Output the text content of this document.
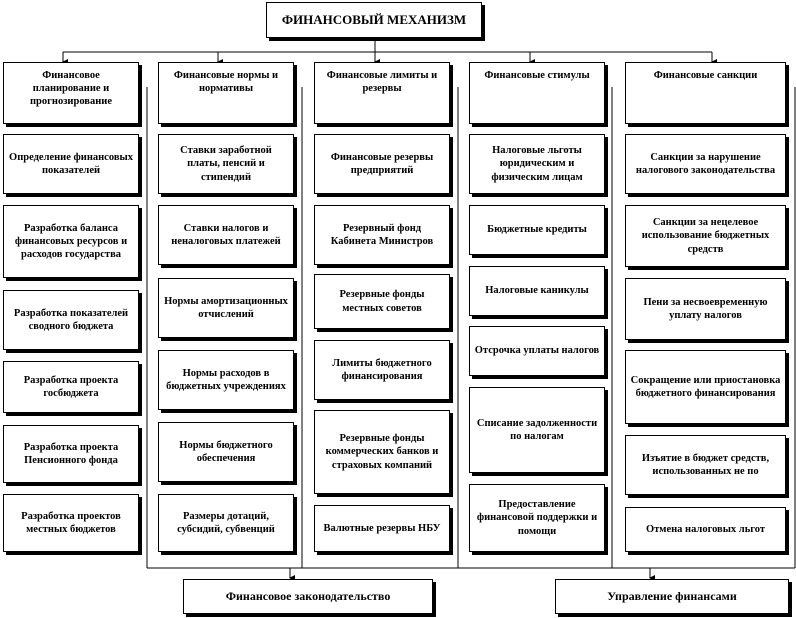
ФИНАНСОВЫЙ МЕХАНИЗМ
Финансовое планирование и прогнозирование
Определение финансовых показателей
Разработка баланса финансовых ресурсов и расходов государства
Разработка показателей сводного бюджета
Разработка проекта госбюджета
Разработка проекта Пенсионного фонда
Разработка проектов местных бюджетов
Финансовые нормы и нормативы
Ставки заработной платы, пенсий и стипендий
Ставки налогов и неналоговых платежей
Нормы амортизационных отчислений
Нормы расходов в бюджетных учреждениях
Нормы бюджетного обеспечения
Размеры дотаций, субсидий, субвенций
Финансовые лимиты и резервы
Финансовые резервы предприятий
Резервный фонд Кабинета Министров
Резервные фонды местных советов
Лимиты бюджетного финансирования
Резервные фонды коммерческих банков и страховых компаний
Валютные резервы НБУ
Финансовые стимулы
Налоговые льготы юридическим и физическим лицам
Бюджетные кредиты
Налоговые каникулы
Отсрочка уплаты налогов
Списание задолженности по налогам
Предоставление финансовой поддержки и помощи
Финансовые санкции
Санкции за нарушение налогового законодательства
Санкции за нецелевое использование бюджетных средств
Пени за несвоевременную уплату налогов
Сокращение или приостановка бюджетного финансирования
Изъятие в бюджет средств, использованных не по
Отмена налоговых льгот
Финансовое законодательство	Управление финансами
